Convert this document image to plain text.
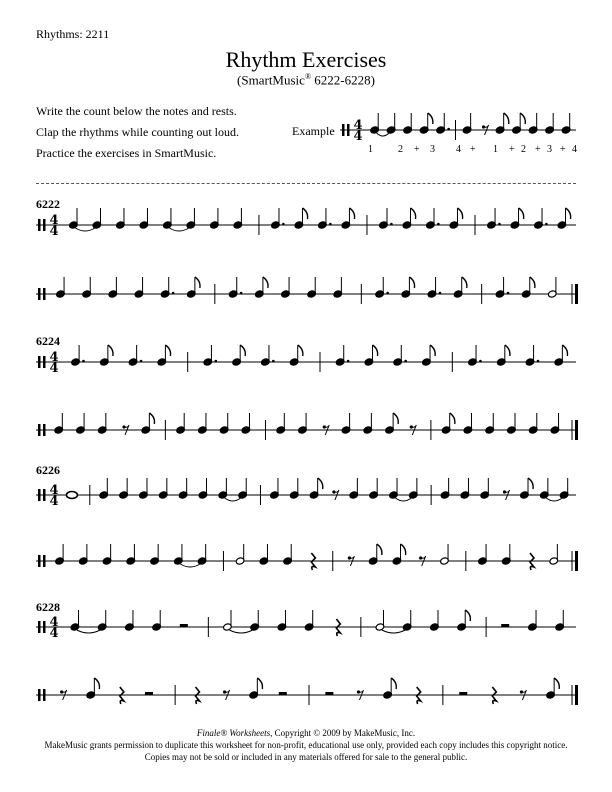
Rhythms: 2211
Rhythm Exercises
(SmartMusic® 6222-6228)
Write the count below the notes and rests.
Clap the rhythms while counting out loud.
Practice the exercises in SmartMusic.
Example 4
4
1	2 + 3 4 + 1 + 2 + 3 + 4
6222
6224
6226
6228
4
4
4
4
4
4
4
4
Finale® Worksheets, Copyright © 2009 by MakeMusic, Inc.
MakeMusic grants permission to duplicate this worksheet for non-profit, educational use only, provided each copy includes this copyright notice.
Copies may not be sold or included in any materials offered for sale to the general public.
